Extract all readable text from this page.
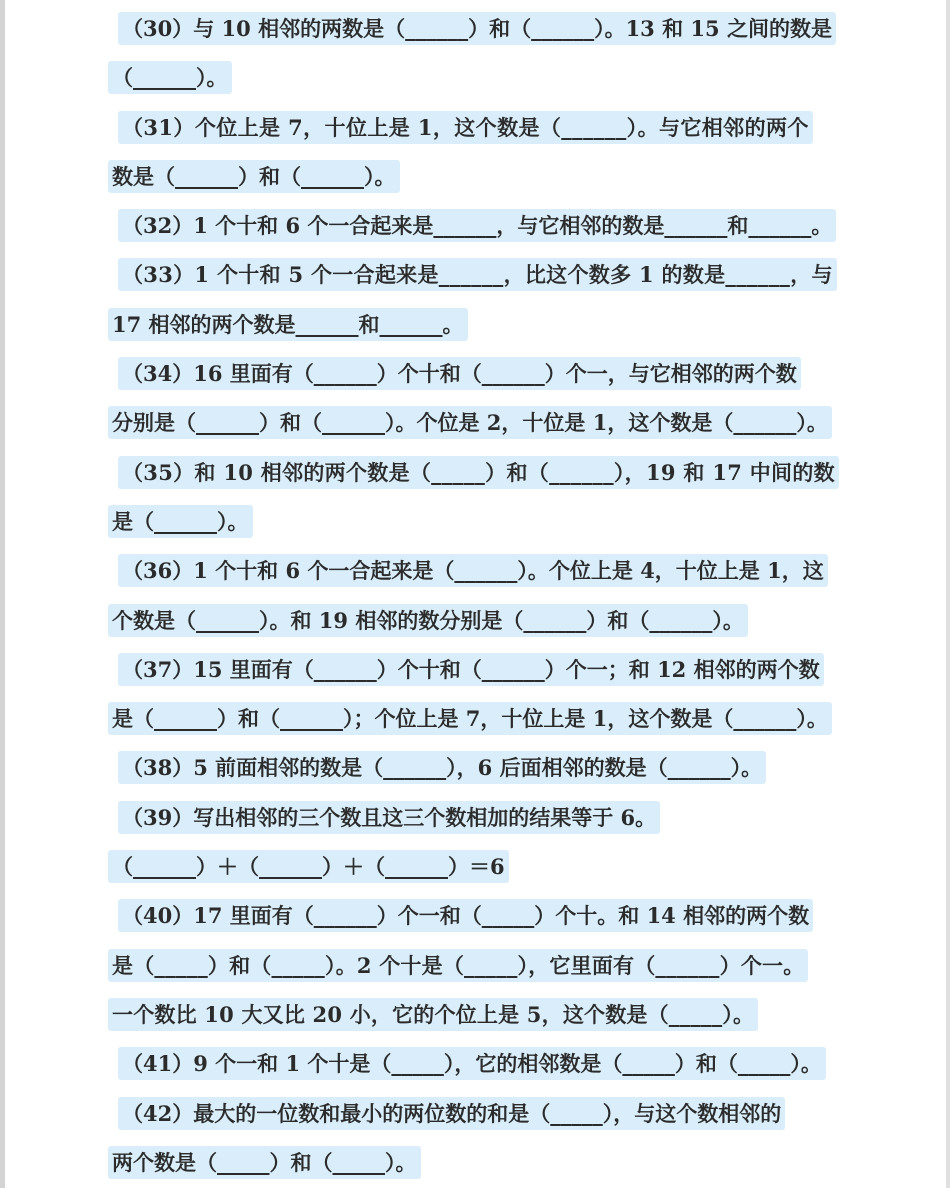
（30）与 10 相邻的两数是（______）和（______）。13 和 15 之间的数是
（______）。
（31）个位上是 7，十位上是 1，这个数是（______）。与它相邻的两个
数是（______）和（______）。
（32）1 个十和 6 个一合起来是______，与它相邻的数是______和______。
（33）1 个十和 5 个一合起来是______，比这个数多 1 的数是______，与
17 相邻的两个数是______和______。
（34）16 里面有（______）个十和（______）个一，与它相邻的两个数
分别是（______）和（______）。个位是 2，十位是 1，这个数是（______）。
（35）和 10 相邻的两个数是（_____）和（______），19 和 17 中间的数
是（______）。
（36）1 个十和 6 个一合起来是（______）。个位上是 4，十位上是 1，这
个数是（______）。和 19 相邻的数分别是（______）和（______）。
（37）15 里面有（______）个十和（______）个一；和 12 相邻的两个数
是（______）和（______）；个位上是 7，十位上是 1，这个数是（______）。
（38）5 前面相邻的数是（______），6 后面相邻的数是（______）。
（39）写出相邻的三个数且这三个数相加的结果等于 6。
（______）＋（______）＋（______）＝6
（40）17 里面有（______）个一和（_____）个十。和 14 相邻的两个数
是（_____）和（_____）。2 个十是（_____），它里面有（______）个一。
一个数比 10 大又比 20 小，它的个位上是 5，这个数是（_____）。
（41）9 个一和 1 个十是（_____），它的相邻数是（_____）和（_____）。
（42）最大的一位数和最小的两位数的和是（_____），与这个数相邻的
两个数是（_____）和（_____）。
